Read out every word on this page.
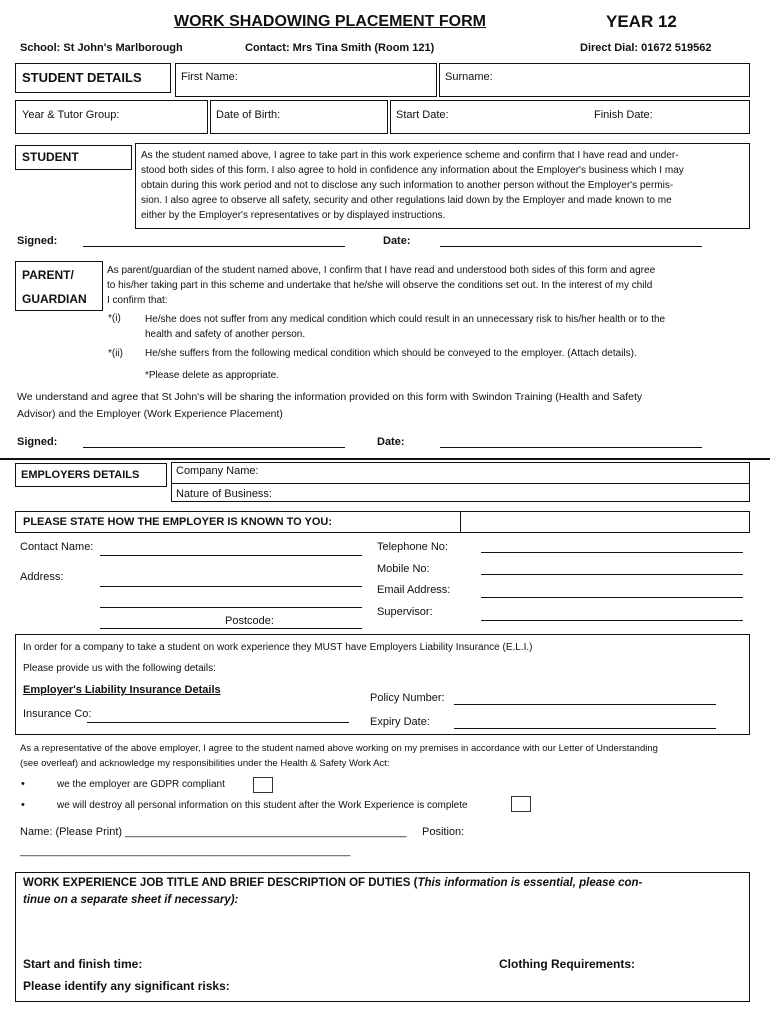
WORK SHADOWING PLACEMENT FORM	YEAR 12
School: St John's Marlborough	Contact: Mrs Tina Smith (Room 121)	Direct Dial: 01672 519562
STUDENT DETAILS	First Name:	Surname:
Year & Tutor Group:	Date of Birth:	Start Date:	Finish Date:
STUDENT	As the student named above, I agree to take part in this work experience scheme and confirm that I have read and under-
stood both sides of this form. I also agree to hold in confidence any information about the Employer's business which I may
obtain during this work period and not to disclose any such information to another person without the Employer's permis-
sion. I also agree to observe all safety, security and other regulations laid down by the Employer and made known to me
either by the Employer's representatives or by displayed instructions.
Signed:	Date:
PARENT/
GUARDIAN
As parent/guardian of the student named above, I confirm that I have read and understood both sides of this form and agree
to his/her taking part in this scheme and undertake that he/she will observe the conditions set out. In the interest of my child
I confirm that:
*(i) He/she does not suffer from any medical condition which could result in an unnecessary risk to his/her health or to the
health and safety of another person.
*(ii) He/she suffers from the following medical condition which should be conveyed to the employer. (Attach details).
*Please delete as appropriate.
We understand and agree that St John's will be sharing the information provided on this form with Swindon Training (Health and Safety
Advisor) and the Employer (Work Experience Placement)
Signed:	Date:
EMPLOYERS DETAILS	Company Name:
Nature of Business:
PLEASE STATE HOW THE EMPLOYER IS KNOWN TO YOU:
Contact Name:
Address:
Postcode:
Telephone No:
Mobile No:
Email Address:
Supervisor:
In order for a company to take a student on work experience they MUST have Employers Liability Insurance (E.L.I.)
Please provide us with the following details:
Employer's Liability Insurance Details
Insurance Co:
Policy Number:
Expiry Date:
As a representative of the above employer, I agree to the student named above working on my premises in accordance with our Letter of Understanding
(see overleaf) and acknowledge my responsibilities under the Health & Safety Work Act:
•	we the employer are GDPR compliant
•	we will destroy all personal information on this student after the Work Experience is complete
Name: (Please Print) ______________________________________________ Position:
______________________________________________________
WORK EXPERIENCE JOB TITLE AND BRIEF DESCRIPTION OF DUTIES (This information is essential, please con-
tinue on a separate sheet if necessary):
Start and finish time:	Clothing Requirements:
Please identify any significant risks:
